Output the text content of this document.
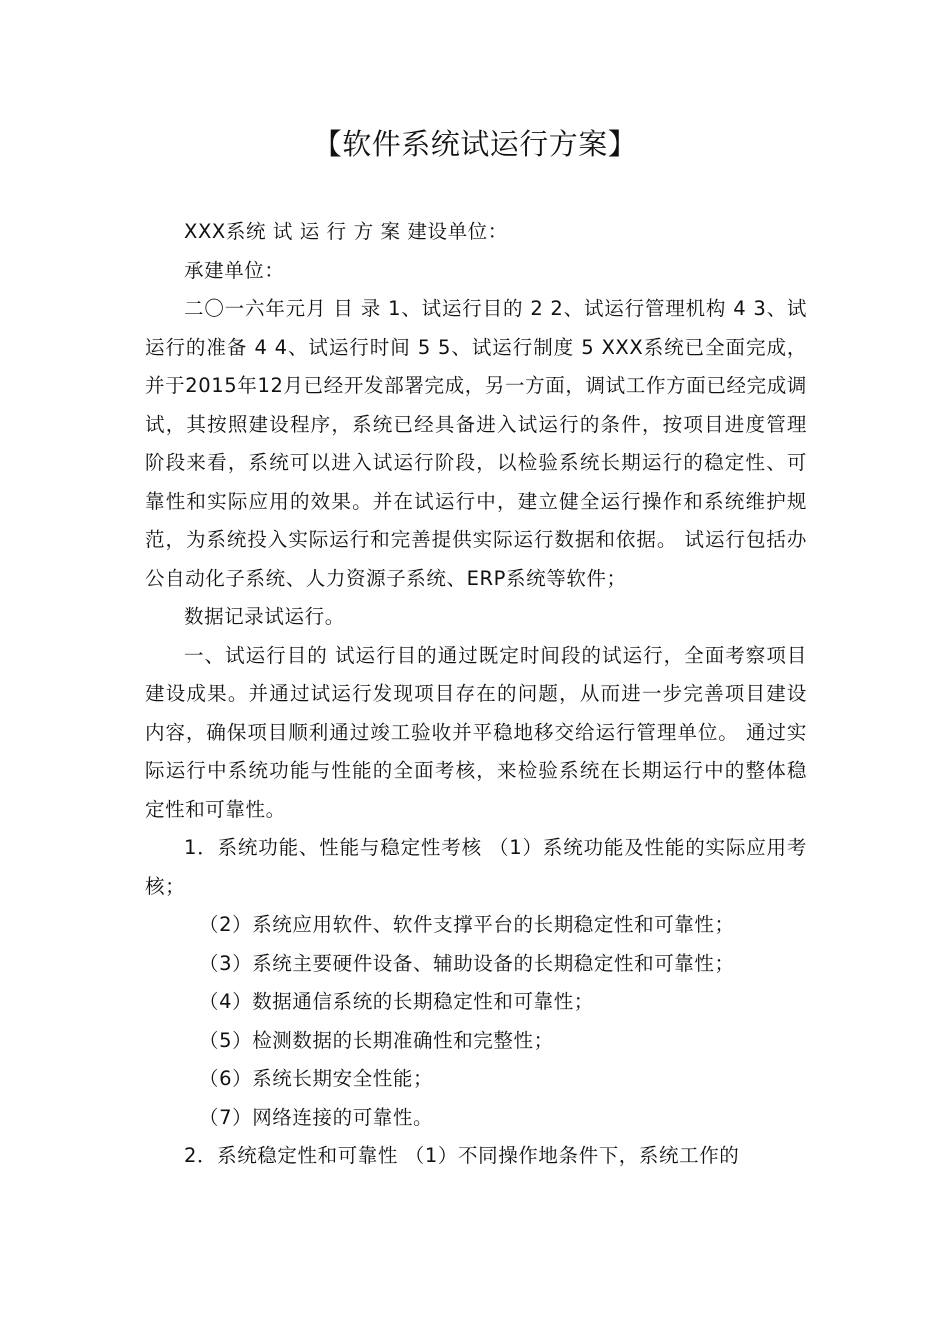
【软件系统试运行方案】

XXX系统 试 运 行 方 案 建设单位：

承建单位：

二〇一六年元月 目 录 1、试运行目的 2 2、试运行管理机构 4 3、试运行的准备 4 4、试运行时间 5 5、试运行制度 5 XXX系统已全面完成，并于2015年12月已经开发部署完成，另一方面，调试工作方面已经完成调试，其按照建设程序，系统已经具备进入试运行的条件，按项目进度管理阶段来看，系统可以进入试运行阶段，以检验系统长期运行的稳定性、可靠性和实际应用的效果。并在试运行中，建立健全运行操作和系统维护规范，为系统投入实际运行和完善提供实际运行数据和依据。 试运行包括办公自动化子系统、人力资源子系统、ERP系统等软件；

数据记录试运行。

一、试运行目的 试运行目的通过既定时间段的试运行，全面考察项目建设成果。并通过试运行发现项目存在的问题，从而进一步完善项目建设内容，确保项目顺利通过竣工验收并平稳地移交给运行管理单位。 通过实际运行中系统功能与性能的全面考核，来检验系统在长期运行中的整体稳定性和可靠性。

1．系统功能、性能与稳定性考核 （1）系统功能及性能的实际应用考核；

（2）系统应用软件、软件支撑平台的长期稳定性和可靠性；

（3）系统主要硬件设备、辅助设备的长期稳定性和可靠性；

（4）数据通信系统的长期稳定性和可靠性；

（5）检测数据的长期准确性和完整性；

（6）系统长期安全性能；

（7）网络连接的可靠性。

2．系统稳定性和可靠性 （1）不同操作地条件下，系统工作的
